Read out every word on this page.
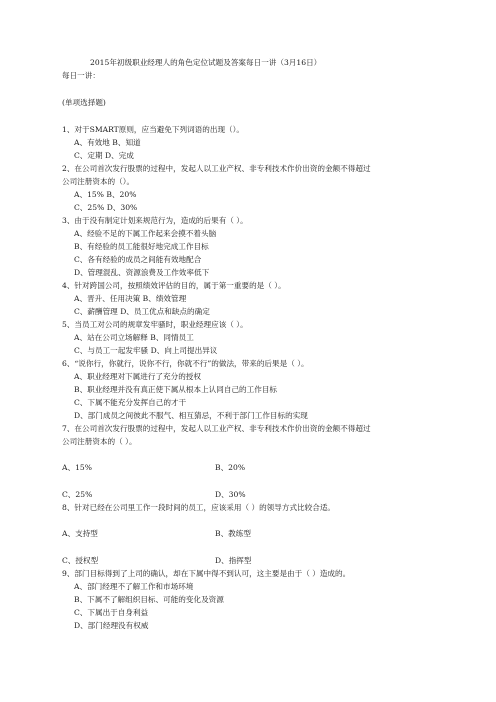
2015年初级职业经理人的角色定位试题及答案每日一讲（3月16日）
每日一讲：
(单项选择题)
1、对于SMART原则，应当避免下列词语的出现（）。
A、有效地 B、知道
C、定期 D、完成
2、在公司首次发行股票的过程中，发起人以工业产权、非专利技术作价出资的金额不得超过
公司注册资本的（）。
A、15% B、20%
C、25% D、30%
3、由于没有制定计划来规范行为，造成的后果有（ ）。
A、经验不足的下属工作起来会摸不着头脑
B、有经验的员工能很好地完成工作目标
C、各有经验的成员之间能有效地配合
D、管理混乱、资源浪费及工作效率低下
4、针对跨国公司，按照绩效评估的目的，属于第一重要的是（ ）。
A、晋升、任用决策 B、绩效管理
C、薪酬管理 D、员工优点和缺点的确定
5、当员工对公司的规章发牢骚时，职业经理应该（ ）。
A、站在公司立场解释 B、同情员工
C、与员工一起发牢骚 D、向上司提出异议
6、“说你行，你就行，说你不行，你就不行”的做法，带来的后果是（ ）。
A、职业经理对下属进行了充分的授权
B、职业经理并没有真正使下属从根本上认同自己的工作目标
C、下属不能充分发挥自己的才干
D、部门成员之间彼此不服气、相互猜忌，不利于部门工作目标的实现
7、在公司首次发行股票的过程中，发起人以工业产权、非专利技术作价出资的金额不得超过
公司注册资本的（ ）。
A、15%	B、20%
C、25%	D、30%
8、针对已经在公司里工作一段时间的员工，应该采用（ ）的领导方式比较合适。
A、支持型	B、教练型
C、授权型	D、指挥型
9、部门目标得到了上司的确认，却在下属中得不到认可，这主要是由于（ ）造成的。
A、部门经理不了解工作和市场环境
B、下属不了解组织目标、可能的变化及资源
C、下属出于自身利益
D、部门经理没有权威
